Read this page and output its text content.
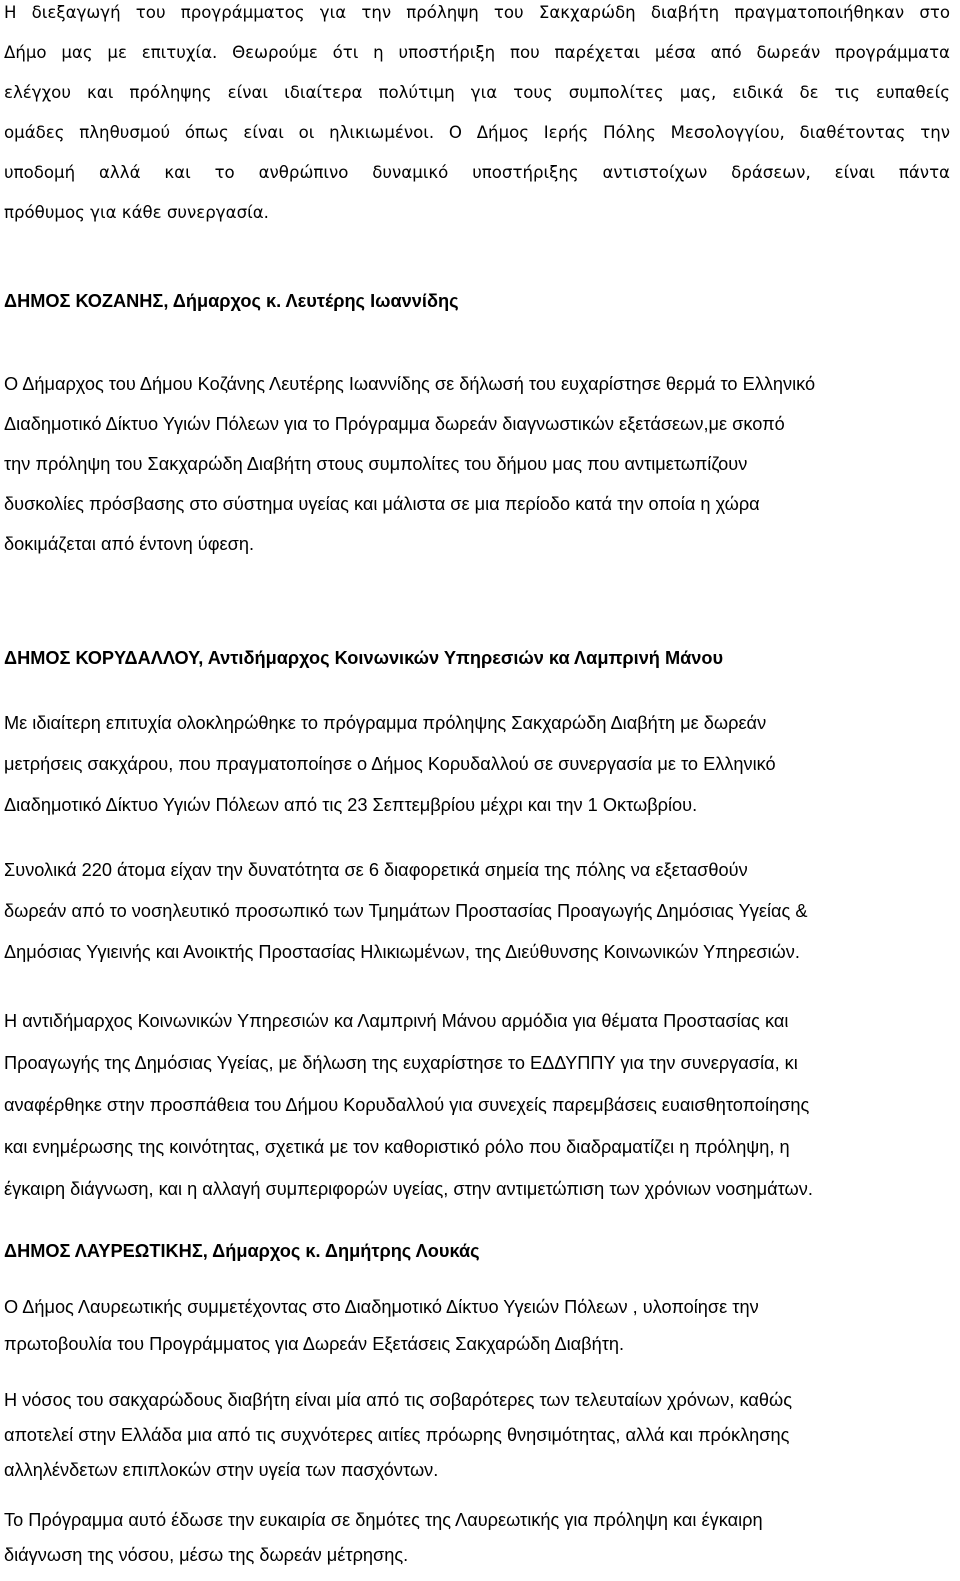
Η διεξαγωγή του προγράμματος για την πρόληψη του Σακχαρώδη διαβήτη πραγματοποιήθηκαν στο
Δήμο μας με επιτυχία. Θεωρούμε ότι η υποστήριξη που παρέχεται μέσα από δωρεάν προγράμματα
ελέγχου και πρόληψης είναι ιδιαίτερα πολύτιμη για τους συμπολίτες μας, ειδικά δε τις ευπαθείς
ομάδες πληθυσμού όπως είναι οι ηλικιωμένοι. Ο Δήμος Ιερής Πόλης Μεσολογγίου, διαθέτοντας την
υποδομή αλλά και το ανθρώπινο δυναμικό υποστήριξης αντιστοίχων δράσεων, είναι πάντα
πρόθυμος για κάθε συνεργασία.
ΔΗΜΟΣ ΚΟΖΑΝΗΣ, Δήμαρχος κ. Λευτέρης Ιωαννίδης
Ο Δήμαρχος του Δήμου Κοζάνης Λευτέρης Ιωαννίδης σε δήλωσή του ευχαρίστησε θερμά το Ελληνικό
Διαδημοτικό Δίκτυο Υγιών Πόλεων για το Πρόγραμμα δωρεάν διαγνωστικών εξετάσεων,με σκοπό
την πρόληψη του Σακχαρώδη Διαβήτη στους συμπολίτες του δήμου μας που αντιμετωπίζουν
δυσκολίες πρόσβασης στο σύστημα υγείας και μάλιστα σε μια περίοδο κατά την οποία η χώρα
δοκιμάζεται από έντονη ύφεση.
ΔΗΜΟΣ ΚΟΡΥΔΑΛΛΟΥ, Αντιδήμαρχος Κοινωνικών Υπηρεσιών κα Λαμπρινή Μάνου
Με ιδιαίτερη επιτυχία ολοκληρώθηκε το πρόγραμμα πρόληψης Σακχαρώδη Διαβήτη με δωρεάν
μετρήσεις σακχάρου, που πραγματοποίησε ο Δήμος Κορυδαλλού σε συνεργασία με το Ελληνικό
Διαδημοτικό Δίκτυο Υγιών Πόλεων από τις 23 Σεπτεμβρίου μέχρι και την 1 Οκτωβρίου.
Συνολικά 220 άτομα είχαν την δυνατότητα σε 6 διαφορετικά σημεία της πόλης να εξετασθούν
δωρεάν από το νοσηλευτικό προσωπικό των Τμημάτων Προστασίας Προαγωγής Δημόσιας Υγείας &
Δημόσιας Υγιεινής και Ανοικτής Προστασίας Ηλικιωμένων, της Διεύθυνσης Κοινωνικών Υπηρεσιών.
Η αντιδήμαρχος Κοινωνικών Υπηρεσιών κα Λαμπρινή Μάνου αρμόδια για θέματα Προστασίας και
Προαγωγής της Δημόσιας Υγείας, με δήλωση της ευχαρίστησε το ΕΔΔΥΠΠΥ για την συνεργασία, κι
αναφέρθηκε στην προσπάθεια του Δήμου Κορυδαλλού για συνεχείς παρεμβάσεις ευαισθητοποίησης
και ενημέρωσης της κοινότητας, σχετικά με τον καθοριστικό ρόλο που διαδραματίζει η πρόληψη, η
έγκαιρη διάγνωση, και η αλλαγή συμπεριφορών υγείας, στην αντιμετώπιση των χρόνιων νοσημάτων.
ΔΗΜΟΣ ΛΑΥΡΕΩΤΙΚΗΣ, Δήμαρχος κ. Δημήτρης Λουκάς
Ο Δήμος Λαυρεωτικής συμμετέχοντας στο Διαδημοτικό Δίκτυο Υγειών Πόλεων , υλοποίησε την
πρωτοβουλία του Προγράμματος για Δωρεάν Εξετάσεις Σακχαρώδη Διαβήτη.
Η νόσος του σακχαρώδους διαβήτη είναι μία από τις σοβαρότερες των τελευταίων χρόνων, καθώς
αποτελεί στην Ελλάδα μια από τις συχνότερες αιτίες πρόωρης θνησιμότητας, αλλά και πρόκλησης
αλληλένδετων επιπλοκών στην υγεία των πασχόντων.
Το Πρόγραμμα αυτό έδωσε την ευκαιρία σε δημότες της Λαυρεωτικής για πρόληψη και έγκαιρη
διάγνωση της νόσου, μέσω της δωρεάν μέτρησης.
